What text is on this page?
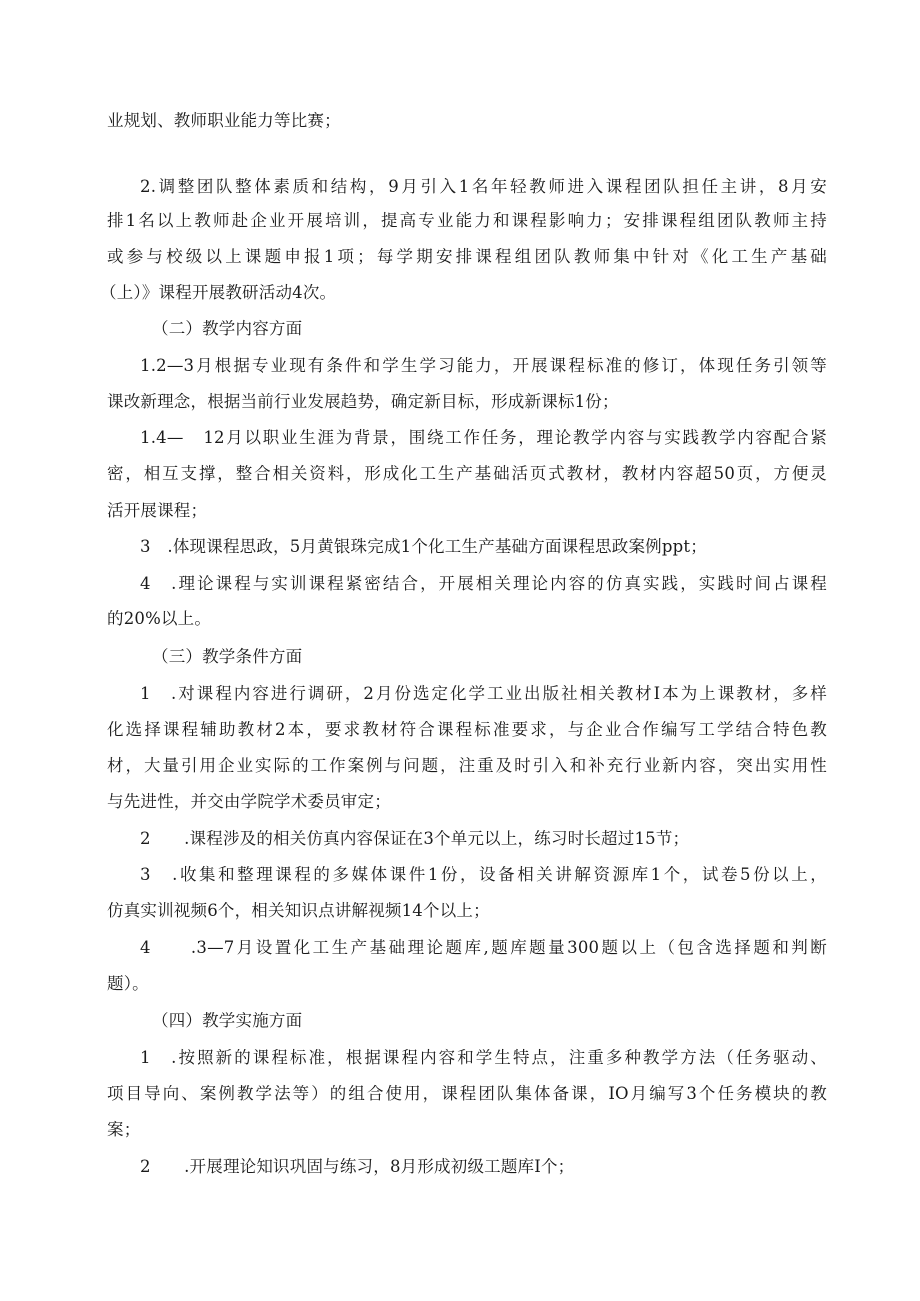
业规划、教师职业能力等比赛；
2.调整团队整体素质和结构，9月引入1名年轻教师进入课程团队担任主讲，8月安
排1名以上教师赴企业开展培训，提高专业能力和课程影响力；安排课程组团队教师主持
或参与校级以上课题申报1项；每学期安排课程组团队教师集中针对《化工生产基础
（上）》课程开展教研活动4次。
（二）教学内容方面
1.2—3月根据专业现有条件和学生学习能力，开展课程标准的修订，体现任务引领等
课改新理念，根据当前行业发展趋势，确定新目标，形成新课标1份；
1.4—　12月以职业生涯为背景，围绕工作任务，理论教学内容与实践教学内容配合紧
密，相互支撑，整合相关资料，形成化工生产基础活页式教材，教材内容超50页，方便灵
活开展课程；
3　.体现课程思政，5月黄银珠完成1个化工生产基础方面课程思政案例ppt；
4　.理论课程与实训课程紧密结合，开展相关理论内容的仿真实践，实践时间占课程
的20%以上。
（三）教学条件方面
1　.对课程内容进行调研，2月份选定化学工业出版社相关教材I本为上课教材，多样
化选择课程辅助教材2本，要求教材符合课程标准要求，与企业合作编写工学结合特色教
材，大量引用企业实际的工作案例与问题，注重及时引入和补充行业新内容，突出实用性
与先进性，并交由学院学术委员审定；
2　　.课程涉及的相关仿真内容保证在3个单元以上，练习时长超过15节；
3　.收集和整理课程的多媒体课件1份，设备相关讲解资源库1个，试卷5份以上，
仿真实训视频6个，相关知识点讲解视频14个以上；
4　　.3—7月设置化工生产基础理论题库,题库题量300题以上（包含选择题和判断
题）。
（四）教学实施方面
1　.按照新的课程标准，根据课程内容和学生特点，注重多种教学方法（任务驱动、
项目导向、案例教学法等）的组合使用，课程团队集体备课，IO月编写3个任务模块的教
案；
2　　.开展理论知识巩固与练习，8月形成初级工题库I个；
